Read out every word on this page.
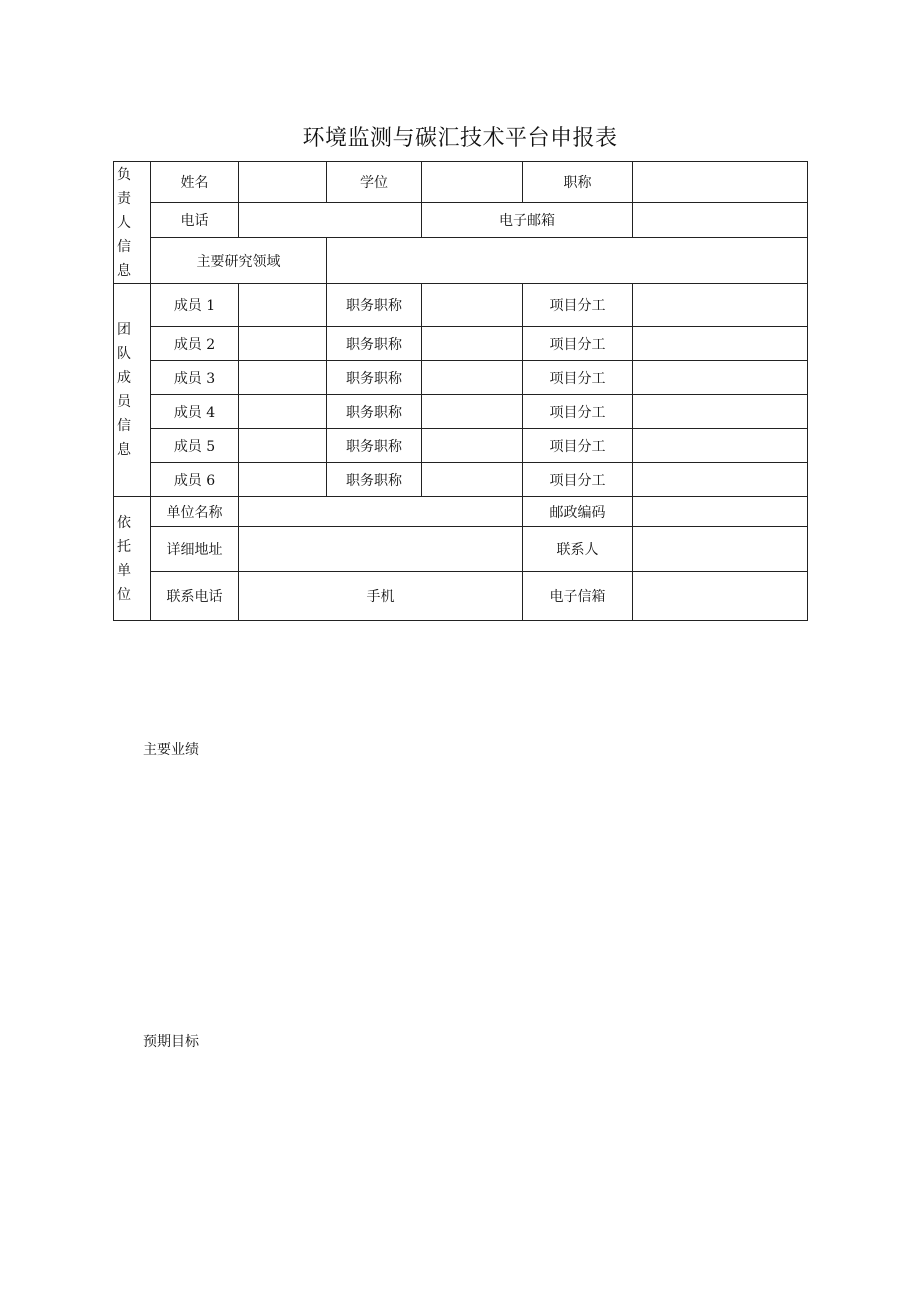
环境监测与碳汇技术平台申报表
负责人信息	姓名		学位		职称	
	电话			电子邮箱		
	主要研究领域					
团队成员信息	成员 1		职务职称		项目分工	
	成员 2		职务职称		项目分工	
	成员 3		职务职称		项目分工	
	成员 4		职务职称		项目分工	
	成员 5		职务职称		项目分工	
	成员 6		职务职称		项目分工	
依托单位	单位名称				邮政编码	
	详细地址				联系人	
	联系电话	手机			电子信箱	
主要业绩
预期目标
